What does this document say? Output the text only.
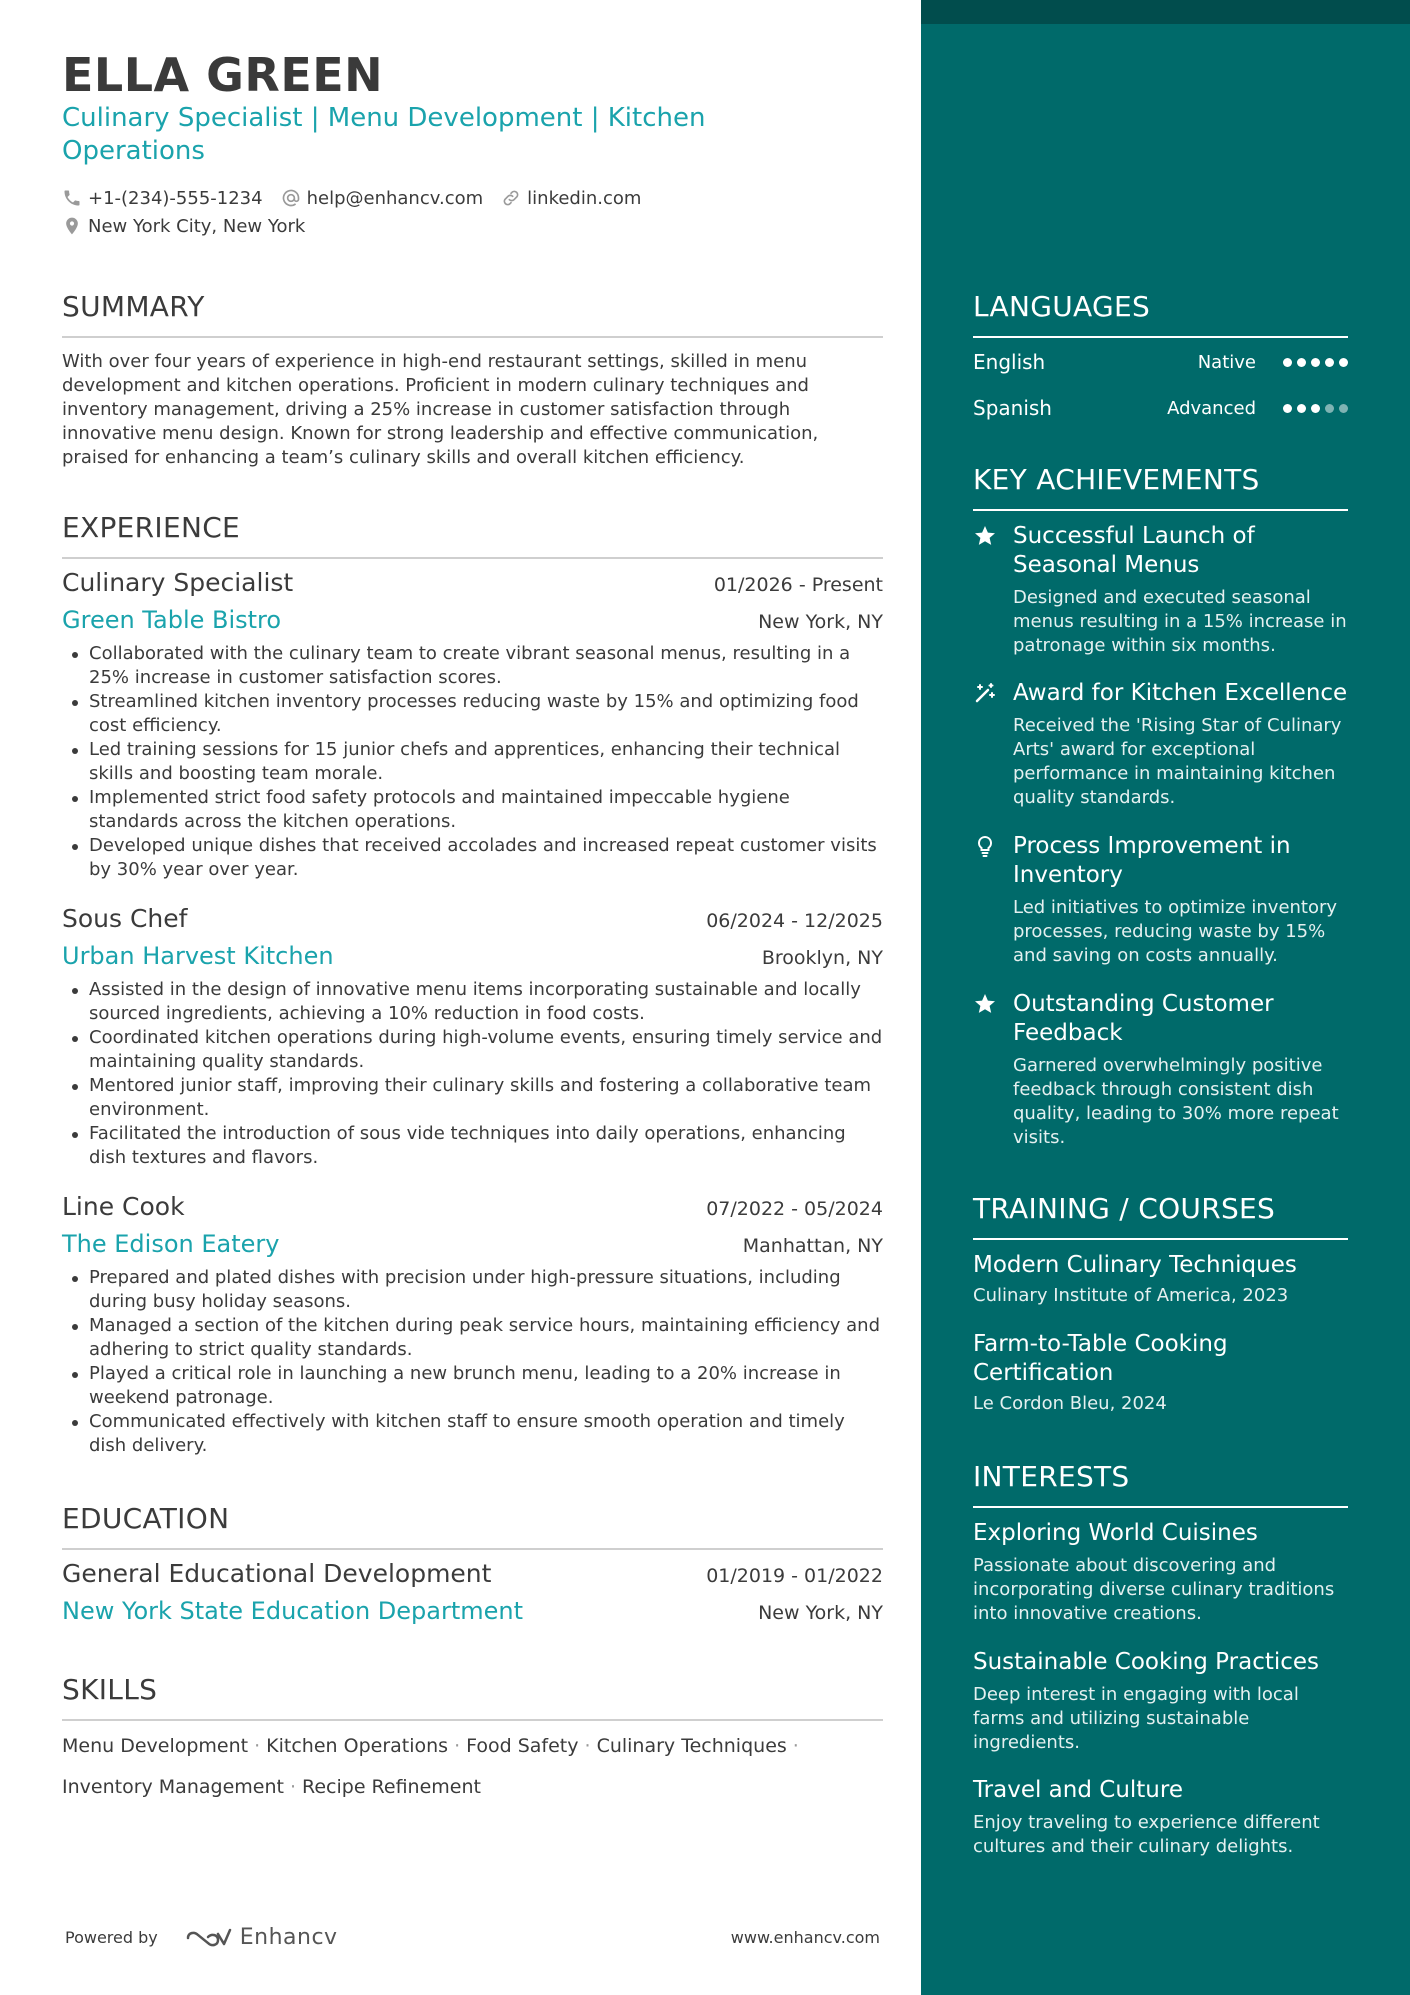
ELLA GREEN
Culinary Specialist | Menu Development | Kitchen
Operations
+1-(234)-555-1234 help@enhancv.com linkedin.com
New York City, New York
SUMMARY
With over four years of experience in high-end restaurant settings, skilled in menu development and kitchen operations. Proficient in modern culinary techniques and inventory management, driving a 25% increase in customer satisfaction through innovative menu design. Known for strong leadership and effective communication, praised for enhancing a team’s culinary skills and overall kitchen efficiency.
EXPERIENCE
Culinary Specialist	01/2026 - Present
Green Table Bistro	New York, NY
Collaborated with the culinary team to create vibrant seasonal menus, resulting in a 25% increase in customer satisfaction scores.
Streamlined kitchen inventory processes reducing waste by 15% and optimizing food cost efficiency.
Led training sessions for 15 junior chefs and apprentices, enhancing their technical skills and boosting team morale.
Implemented strict food safety protocols and maintained impeccable hygiene standards across the kitchen operations.
Developed unique dishes that received accolades and increased repeat customer visits by 30% year over year.
Sous Chef	06/2024 - 12/2025
Urban Harvest Kitchen	Brooklyn, NY
Assisted in the design of innovative menu items incorporating sustainable and locally sourced ingredients, achieving a 10% reduction in food costs.
Coordinated kitchen operations during high-volume events, ensuring timely service and maintaining quality standards.
Mentored junior staff, improving their culinary skills and fostering a collaborative team environment.
Facilitated the introduction of sous vide techniques into daily operations, enhancing dish textures and flavors.
Line Cook	07/2022 - 05/2024
The Edison Eatery	Manhattan, NY
Prepared and plated dishes with precision under high-pressure situations, including during busy holiday seasons.
Managed a section of the kitchen during peak service hours, maintaining efficiency and adhering to strict quality standards.
Played a critical role in launching a new brunch menu, leading to a 20% increase in weekend patronage.
Communicated effectively with kitchen staff to ensure smooth operation and timely dish delivery.
EDUCATION
General Educational Development	01/2019 - 01/2022
New York State Education Department	New York, NY
SKILLS
Menu Development · Kitchen Operations · Food Safety · Culinary Techniques ·
Inventory Management · Recipe Refinement
Powered by	Enhancv	www.enhancv.com
LANGUAGES
English	Native
Spanish	Advanced
KEY ACHIEVEMENTS
Successful Launch of Seasonal Menus
Designed and executed seasonal menus resulting in a 15% increase in patronage within six months.
Award for Kitchen Excellence
Received the 'Rising Star of Culinary Arts' award for exceptional performance in maintaining kitchen quality standards.
Process Improvement in Inventory
Led initiatives to optimize inventory processes, reducing waste by 15% and saving on costs annually.
Outstanding Customer Feedback
Garnered overwhelmingly positive feedback through consistent dish quality, leading to 30% more repeat visits.
TRAINING / COURSES
Modern Culinary Techniques
Culinary Institute of America, 2023
Farm-to-Table Cooking Certification
Le Cordon Bleu, 2024
INTERESTS
Exploring World Cuisines
Passionate about discovering and incorporating diverse culinary traditions into innovative creations.
Sustainable Cooking Practices
Deep interest in engaging with local farms and utilizing sustainable ingredients.
Travel and Culture
Enjoy traveling to experience different cultures and their culinary delights.
